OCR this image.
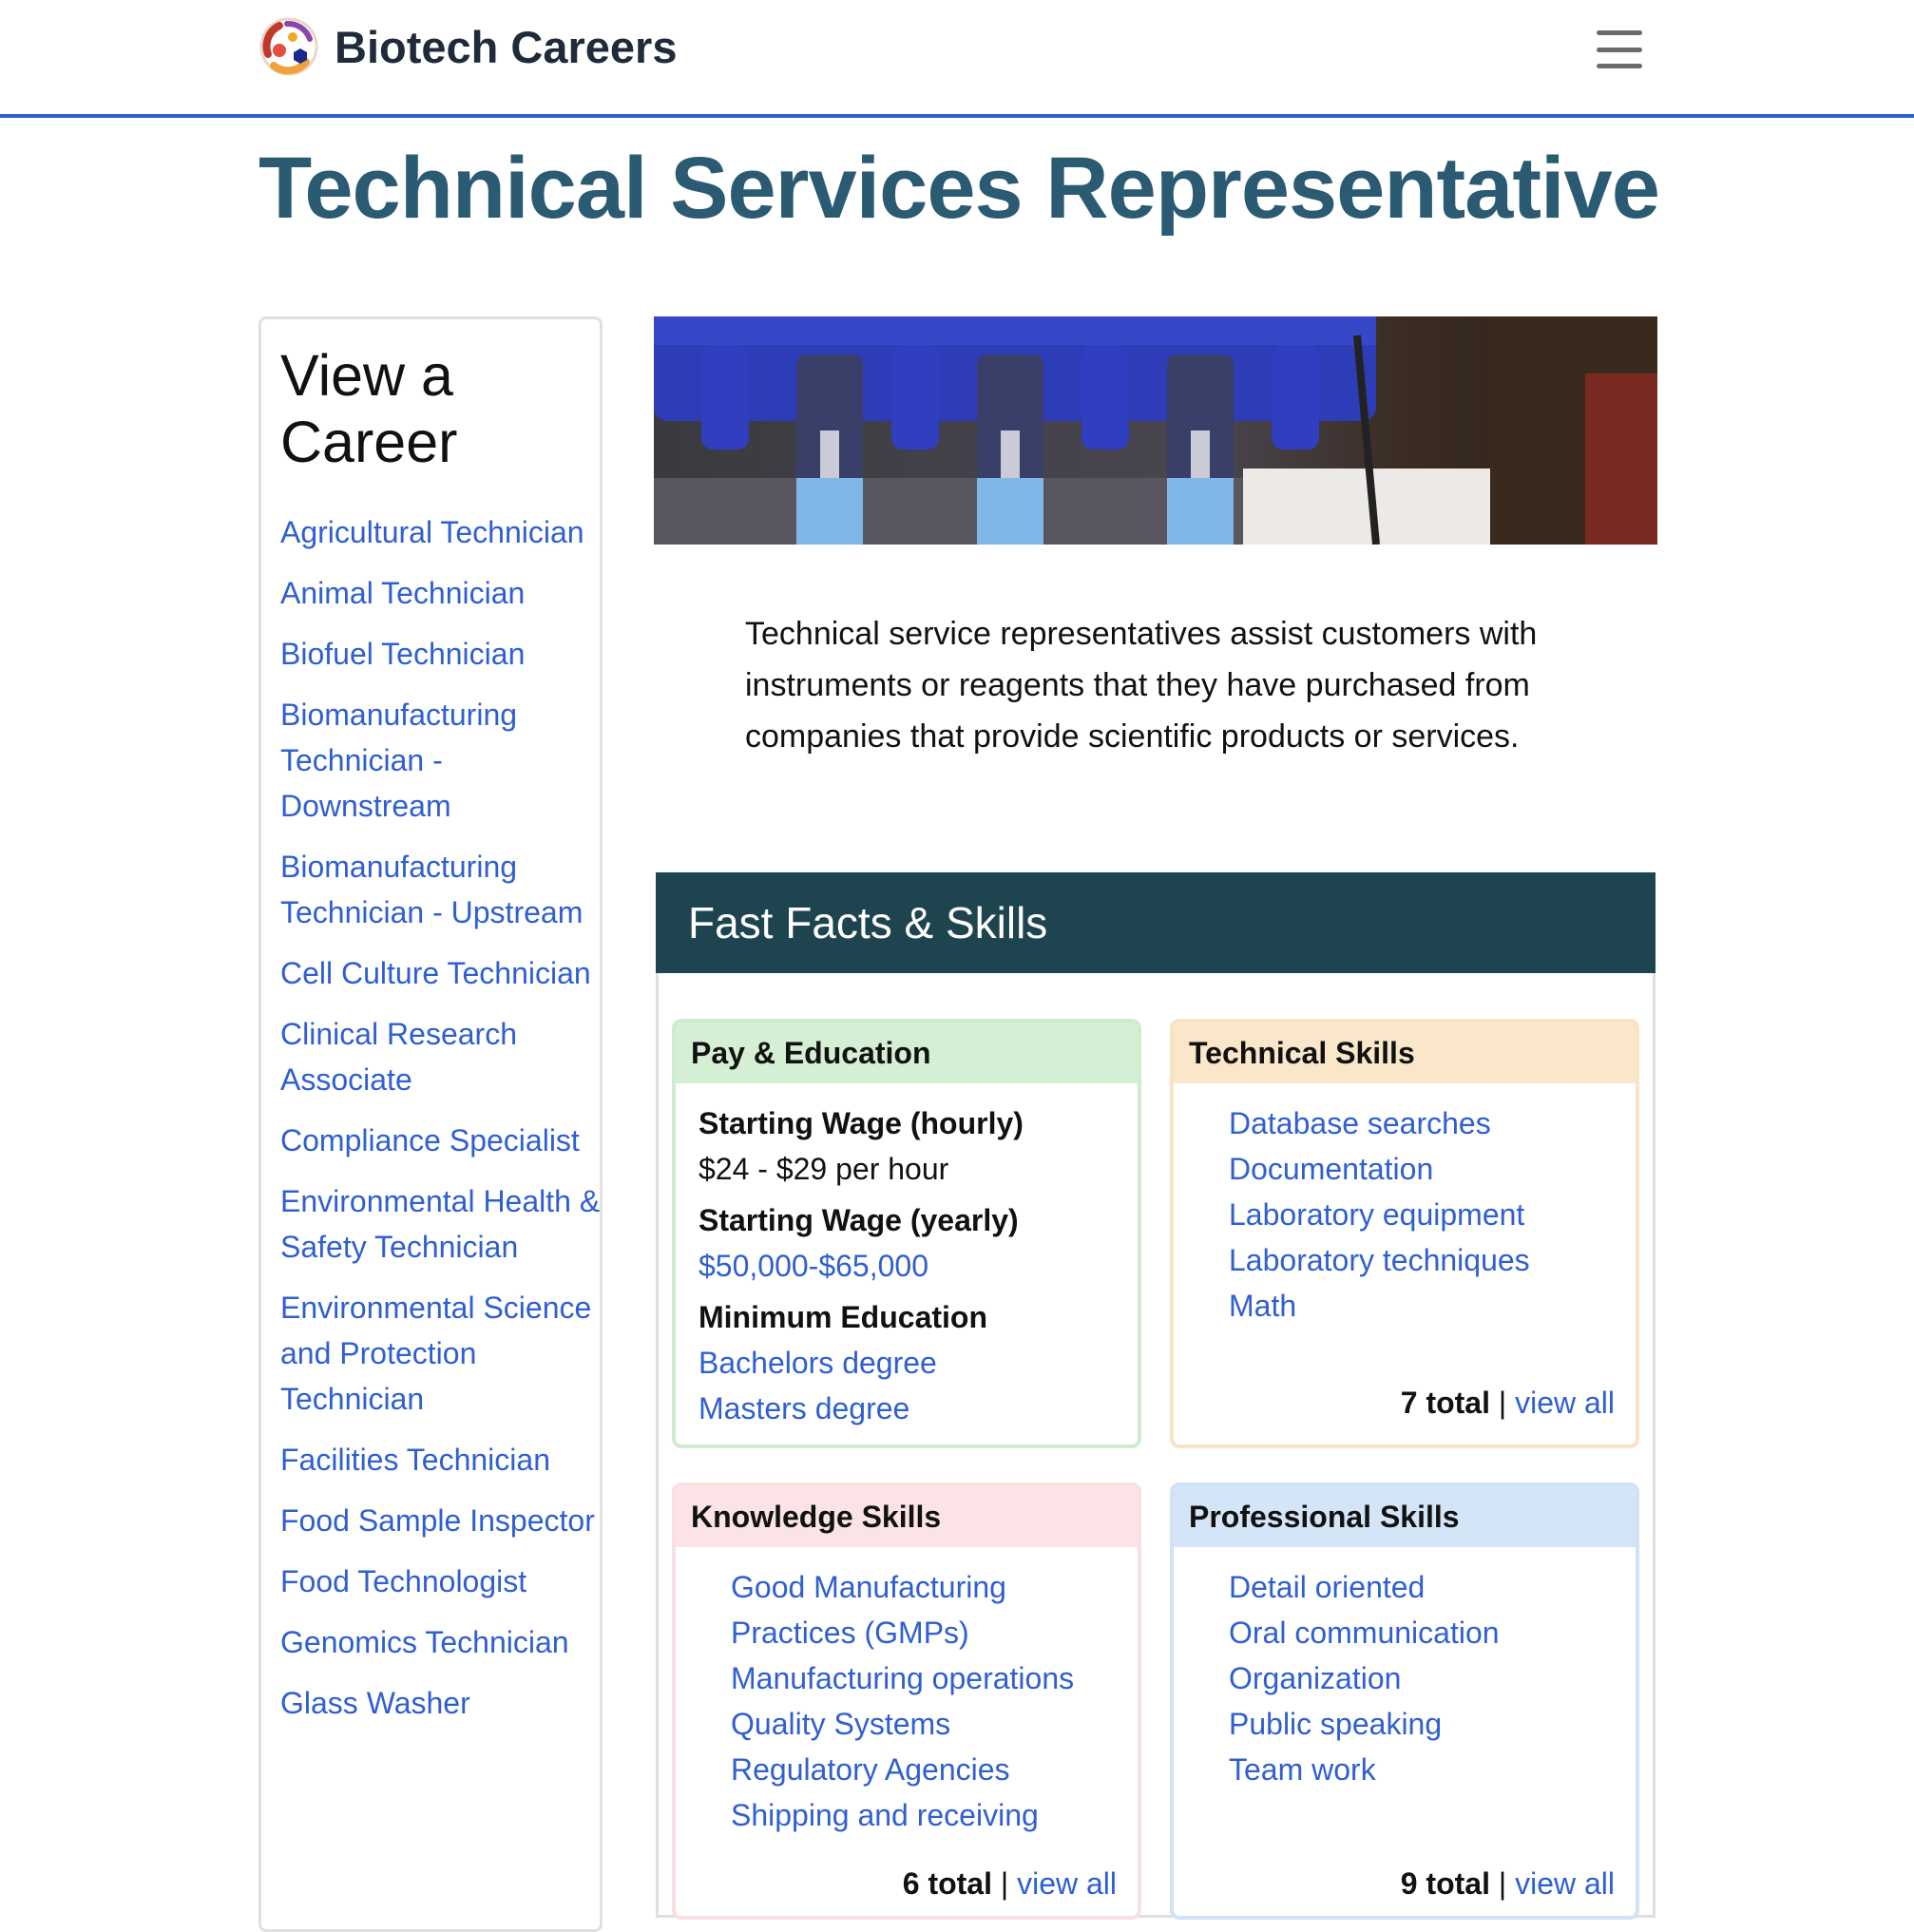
Biotech Careers
Technical Services Representative
View a Career
Agricultural Technician
Animal Technician
Biofuel Technician
Biomanufacturing Technician - Downstream
Biomanufacturing Technician - Upstream
Cell Culture Technician
Clinical Research Associate
Compliance Specialist
Environmental Health & Safety Technician
Environmental Science and Protection Technician
Facilities Technician
Food Sample Inspector
Food Technologist
Genomics Technician
Glass Washer

Technical service representatives assist customers with instruments or reagents that they have purchased from companies that provide scientific products or services.

Fast Facts & Skills
Pay & Education
Starting Wage (hourly)
$24 - $29 per hour
Starting Wage (yearly)
$50,000-$65,000
Minimum Education
Bachelors degree
Masters degree
Technical Skills
Database searches
Documentation
Laboratory equipment
Laboratory techniques
Math
7 total | view all
Knowledge Skills
Good Manufacturing Practices (GMPs)
Manufacturing operations
Quality Systems
Regulatory Agencies
Shipping and receiving
6 total | view all
Professional Skills
Detail oriented
Oral communication
Organization
Public speaking
Team work
9 total | view all
